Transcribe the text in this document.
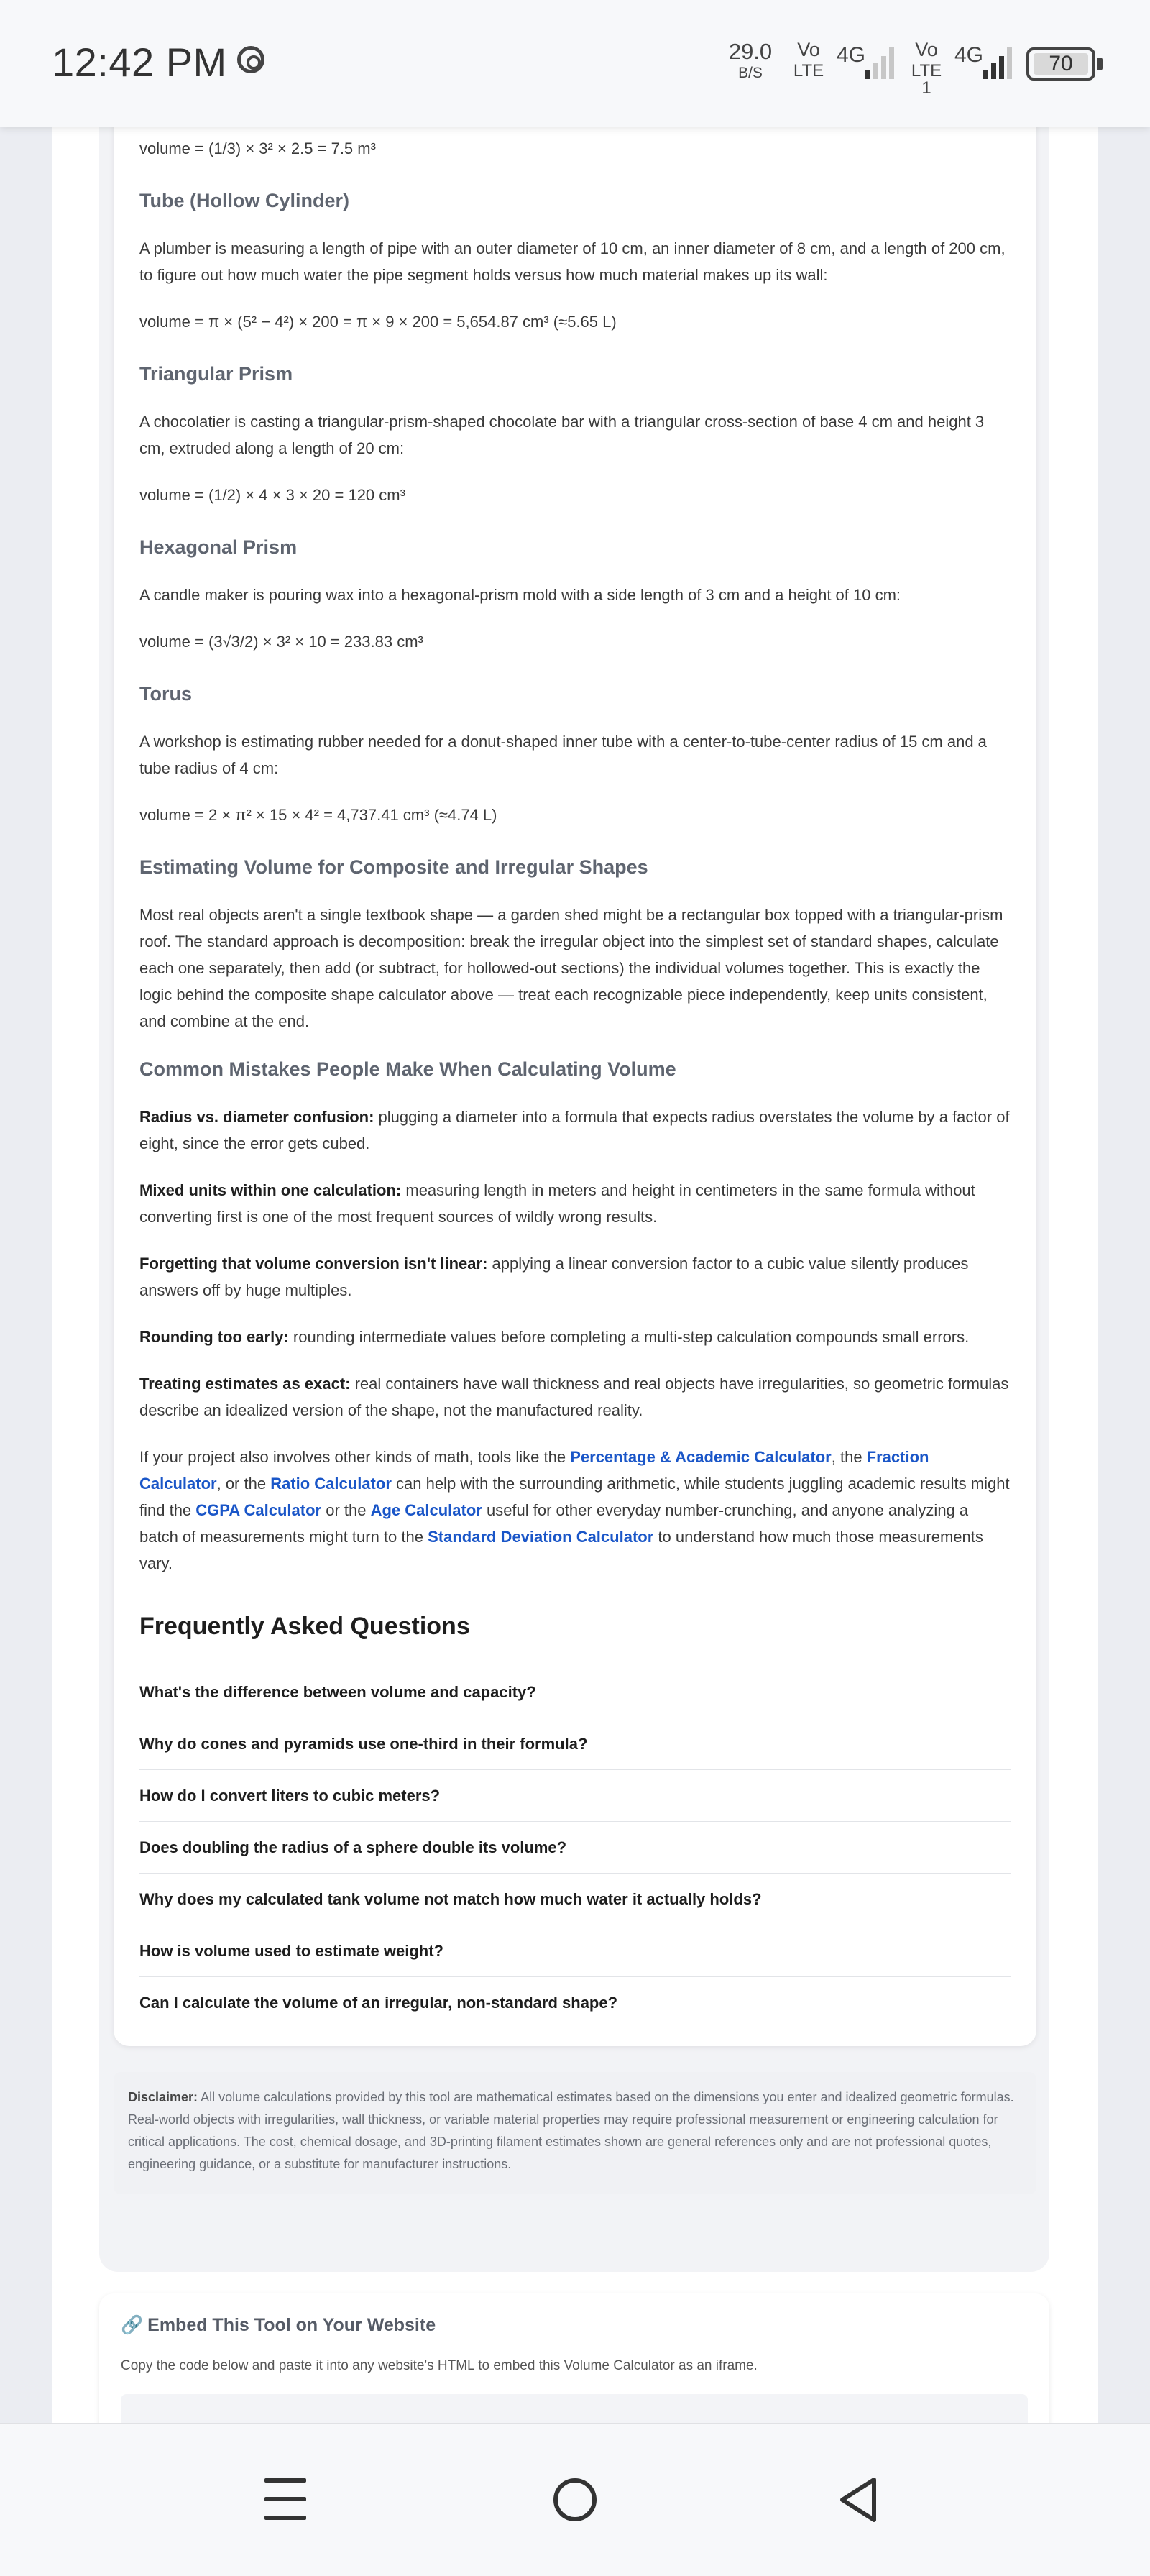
12:42 PM	29.0
B/S
Vo
LTE
4G	Vo
LTE 1
4G	70

volume = (1/3) × 3² × 2.5 = 7.5 m³

Tube (Hollow Cylinder)

A plumber is measuring a length of pipe with an outer diameter of 10 cm, an inner diameter of 8 cm, and a length of 200 cm, to figure out how much water the pipe segment holds versus how much material makes up its wall:

volume = π × (5² − 4²) × 200 = π × 9 × 200 = 5,654.87 cm³ (≈5.65 L)

Triangular Prism

A chocolatier is casting a triangular-prism-shaped chocolate bar with a triangular cross-section of base 4 cm and height 3 cm, extruded along a length of 20 cm:

volume = (1/2) × 4 × 3 × 20 = 120 cm³

Hexagonal Prism

A candle maker is pouring wax into a hexagonal-prism mold with a side length of 3 cm and a height of 10 cm:

volume = (3√3/2) × 3² × 10 = 233.83 cm³

Torus

A workshop is estimating rubber needed for a donut-shaped inner tube with a center-to-tube-center radius of 15 cm and a tube radius of 4 cm:

volume = 2 × π² × 15 × 4² = 4,737.41 cm³ (≈4.74 L)

Estimating Volume for Composite and Irregular Shapes

Most real objects aren't a single textbook shape — a garden shed might be a rectangular box topped with a triangular-prism roof. The standard approach is decomposition: break the irregular object into the simplest set of standard shapes, calculate each one separately, then add (or subtract, for hollowed-out sections) the individual volumes together. This is exactly the logic behind the composite shape calculator above — treat each recognizable piece independently, keep units consistent, and combine at the end.

Common Mistakes People Make When Calculating Volume

Radius vs. diameter confusion: plugging a diameter into a formula that expects radius overstates the volume by a factor of eight, since the error gets cubed.

Mixed units within one calculation: measuring length in meters and height in centimeters in the same formula without converting first is one of the most frequent sources of wildly wrong results.

Forgetting that volume conversion isn't linear: applying a linear conversion factor to a cubic value silently produces answers off by huge multiples.

Rounding too early: rounding intermediate values before completing a multi-step calculation compounds small errors.

Treating estimates as exact: real containers have wall thickness and real objects have irregularities, so geometric formulas describe an idealized version of the shape, not the manufactured reality.

If your project also involves other kinds of math, tools like the Percentage & Academic Calculator, the Fraction Calculator, or the Ratio Calculator can help with the surrounding arithmetic, while students juggling academic results might find the CGPA Calculator or the Age Calculator useful for other everyday number-crunching, and anyone analyzing a batch of measurements might turn to the Standard Deviation Calculator to understand how much those measurements vary.

Frequently Asked Questions
What's the difference between volume and capacity?
Why do cones and pyramids use one-third in their formula?
How do I convert liters to cubic meters?
Does doubling the radius of a sphere double its volume?
Why does my calculated tank volume not match how much water it actually holds?
How is volume used to estimate weight?
Can I calculate the volume of an irregular, non-standard shape?

Disclaimer: All volume calculations provided by this tool are mathematical estimates based on the dimensions you enter and idealized geometric formulas. Real-world objects with irregularities, wall thickness, or variable material properties may require professional measurement or engineering calculation for critical applications. The cost, chemical dosage, and 3D-printing filament estimates shown are general references only and are not professional quotes, engineering guidance, or a substitute for manufacturer instructions.

🔗 Embed This Tool on Your Website
Copy the code below and paste it into any website's HTML to embed this Volume Calculator as an iframe.
